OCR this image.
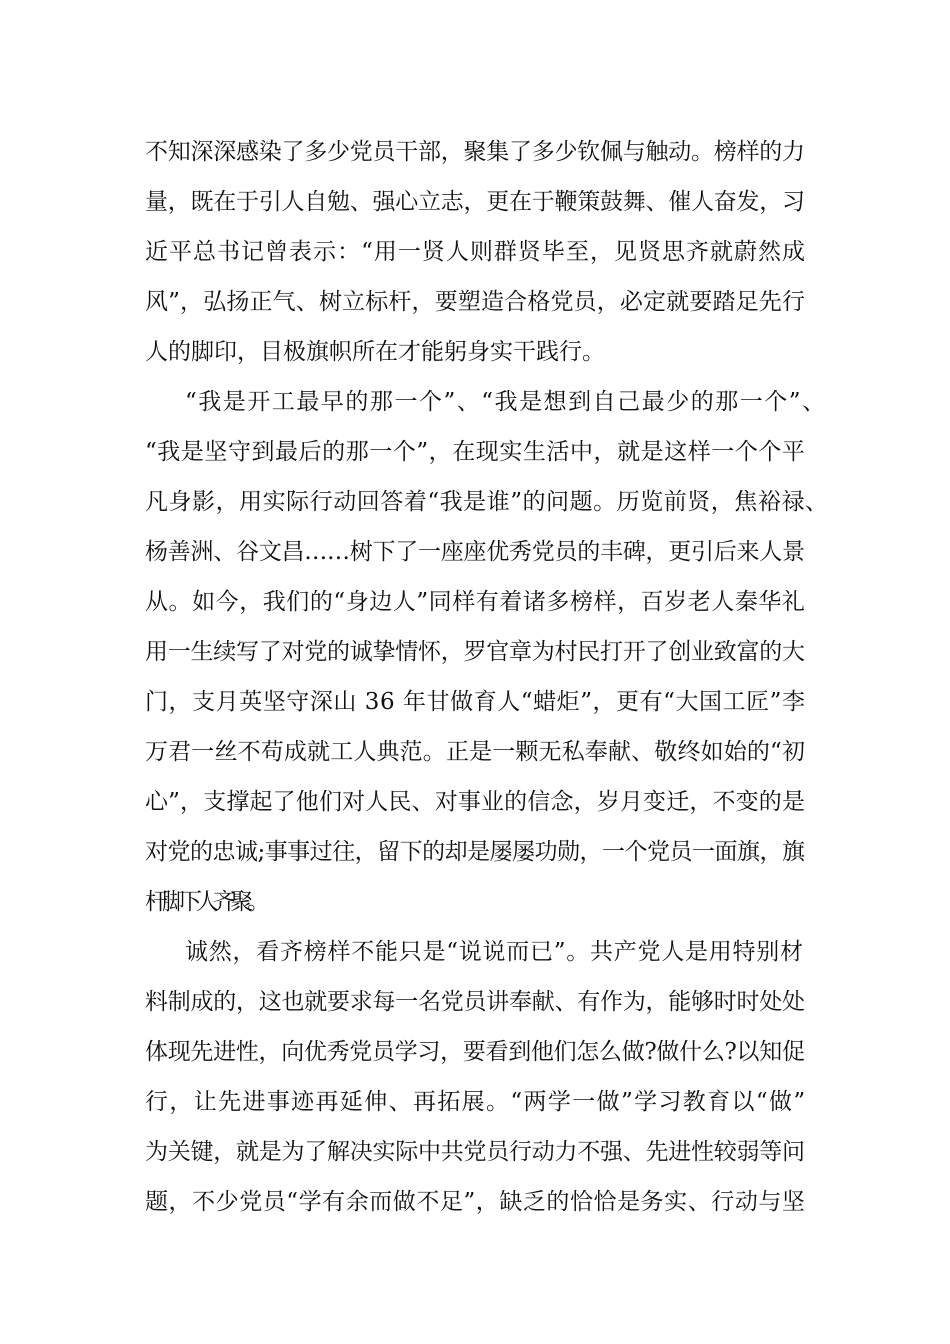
不知深深感染了多少党员干部，聚集了多少钦佩与触动。榜样的力

量，既在于引人自勉、强心立志，更在于鞭策鼓舞、催人奋发，习

近平总书记曾表示：“用一贤人则群贤毕至，见贤思齐就蔚然成

风”，弘扬正气、树立标杆，要塑造合格党员，必定就要踏足先行

人的脚印，目极旗帜所在才能躬身实干践行。

“我是开工最早的那一个”、“我是想到自己最少的那一个”、

“我是坚守到最后的那一个”，在现实生活中，就是这样一个个平

凡身影，用实际行动回答着“我是谁”的问题。历览前贤，焦裕禄、

杨善洲、谷文昌……树下了一座座优秀党员的丰碑，更引后来人景

从。如今，我们的“身边人”同样有着诸多榜样，百岁老人秦华礼

用一生续写了对党的诚挚情怀，罗官章为村民打开了创业致富的大

门，支月英坚守深山 36 年甘做育人“蜡炬”，更有“大国工匠”李

万君一丝不苟成就工人典范。正是一颗无私奉献、敬终如始的“初

心”，支撑起了他们对人民、对事业的信念，岁月变迁，不变的是

对党的忠诚;事事过往，留下的却是屡屡功勋，一个党员一面旗，旗

杆脚下人齐聚。

诚然，看齐榜样不能只是“说说而已”。共产党人是用特别材

料制成的，这也就要求每一名党员讲奉献、有作为，能够时时处处

体现先进性，向优秀党员学习，要看到他们怎么做?做什么?以知促

行，让先进事迹再延伸、再拓展。“两学一做”学习教育以“做”

为关键，就是为了解决实际中共党员行动力不强、先进性较弱等问

题，不少党员“学有余而做不足”，缺乏的恰恰是务实、行动与坚
